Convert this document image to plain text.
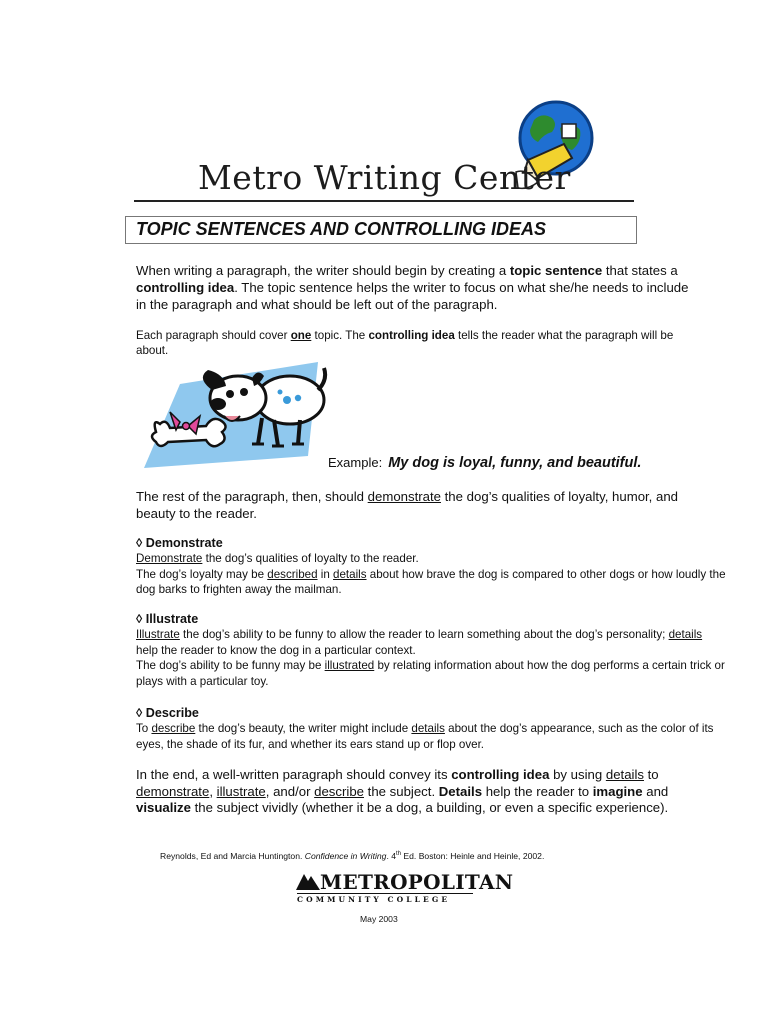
Metro Writing Center
TOPIC SENTENCES AND CONTROLLING IDEAS
When writing a paragraph, the writer should begin by creating a topic sentence that states a controlling idea. The topic sentence helps the writer to focus on what she/he needs to include in the paragraph and what should be left out of the paragraph.
Each paragraph should cover one topic. The controlling idea tells the reader what the paragraph will be about.
Example: My dog is loyal, funny, and beautiful.
The rest of the paragraph, then, should demonstrate the dog’s qualities of loyalty, humor, and beauty to the reader.
◊ Demonstrate
Demonstrate the dog’s qualities of loyalty to the reader.
The dog’s loyalty may be described in details about how brave the dog is compared to other dogs or how loudly the dog barks to frighten away the mailman.
◊ Illustrate
Illustrate the dog’s ability to be funny to allow the reader to learn something about the dog’s personality; details help the reader to know the dog in a particular context.
The dog’s ability to be funny may be illustrated by relating information about how the dog performs a certain trick or plays with a particular toy.
◊ Describe
To describe the dog’s beauty, the writer might include details about the dog’s appearance, such as the color of its eyes, the shade of its fur, and whether its ears stand up or flop over.
In the end, a well-written paragraph should convey its controlling idea by using details to demonstrate, illustrate, and/or describe the subject. Details help the reader to imagine and visualize the subject vividly (whether it be a dog, a building, or even a specific experience).
Reynolds, Ed and Marcia Huntington. Confidence in Writing. 4th Ed. Boston: Heinle and Heinle, 2002.
METROPOLITAN
COMMUNITY COLLEGE
May 2003
